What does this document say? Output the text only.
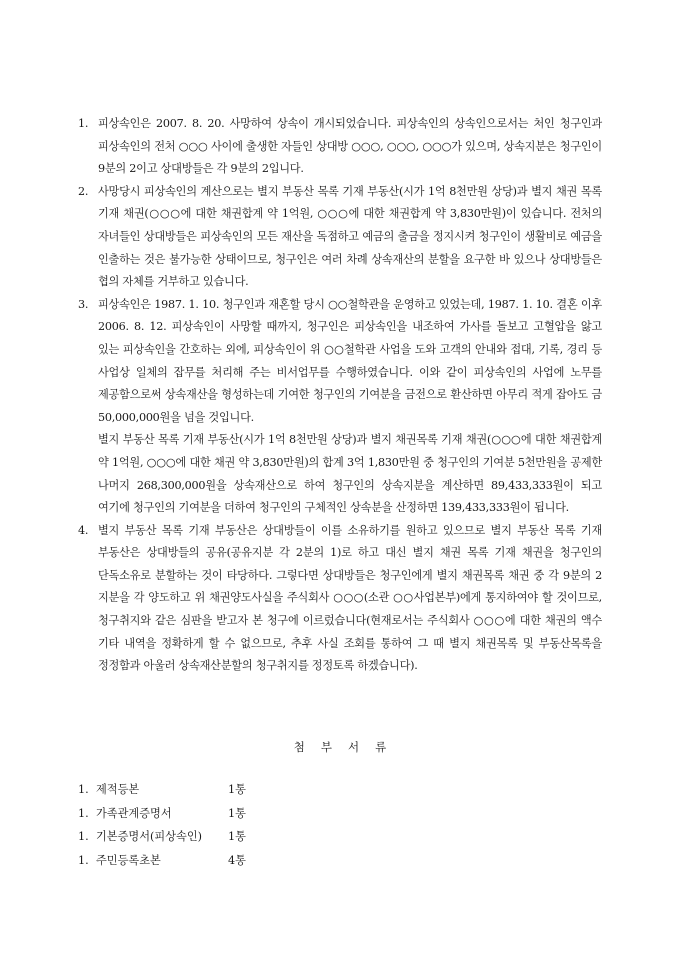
1. 피상속인은 2007. 8. 20. 사망하여 상속이 개시되었습니다. 피상속인의 상속인으로서는 처인 청구인과 피상속인의 전처 ○○○ 사이에 출생한 자들인 상대방 ○○○, ○○○, ○○○가 있으며, 상속지분은 청구인이 9분의 2이고 상대방들은 각 9분의 2입니다.
2. 사망당시 피상속인의 계산으로는 별지 부동산 목록 기재 부동산(시가 1억 8천만원 상당)과 별지 채권 목록 기재 채권(○○○에 대한 채권합계 약 1억원, ○○○에 대한 채권합계 약 3,830만원)이 있습니다. 전처의 자녀들인 상대방들은 피상속인의 모든 재산을 독점하고 예금의 출금을 정지시켜 청구인이 생활비로 예금을 인출하는 것은 불가능한 상태이므로, 청구인은 여러 차례 상속재산의 분할을 요구한 바 있으나 상대방들은 협의 자체를 거부하고 있습니다.
3. 피상속인은 1987. 1. 10. 청구인과 재혼할 당시 ○○철학관을 운영하고 있었는데, 1987. 1. 10. 결혼 이후 2006. 8. 12. 피상속인이 사망할 때까지, 청구인은 피상속인을 내조하여 가사를 돌보고 고혈압을 앓고 있는 피상속인을 간호하는 외에, 피상속인이 위 ○○철학관 사업을 도와 고객의 안내와 접대, 기록, 경리 등 사업상 일체의 잡무를 처리해 주는 비서업무를 수행하였습니다. 이와 같이 피상속인의 사업에 노무를 제공함으로써 상속재산을 형성하는데 기여한 청구인의 기여분을 금전으로 환산하면 아무리 적게 잡아도 금 50,000,000원을 넘을 것입니다.
별지 부동산 목록 기재 부동산(시가 1억 8천만원 상당)과 별지 채권목록 기재 채권(○○○에 대한 채권합계 약 1억원, ○○○에 대한 채권 약 3,830만원)의 합계 3억 1,830만원 중 청구인의 기여분 5천만원을 공제한 나머지 268,300,000원을 상속재산으로 하여 청구인의 상속지분을 계산하면 89,433,333원이 되고 여기에 청구인의 기여분을 더하여 청구인의 구체적인 상속분을 산정하면 139,433,333원이 됩니다.
4. 별지 부동산 목록 기재 부동산은 상대방들이 이를 소유하기를 원하고 있으므로 별지 부동산 목록 기재 부동산은 상대방들의 공유(공유지분 각 2분의 1)로 하고 대신 별지 채권 목록 기재 채권을 청구인의 단독소유로 분할하는 것이 타당하다. 그렇다면 상대방들은 청구인에게 별지 채권목록 채권 중 각 9분의 2 지분을 각 양도하고 위 채권양도사실을 주식회사 ○○○(소관 ○○사업본부)에게 통지하여야 할 것이므로, 청구취지와 같은 심판을 받고자 본 청구에 이르렀습니다(현재로서는 주식회사 ○○○에 대한 채권의 액수 기타 내역을 정확하게 할 수 없으므로, 추후 사실 조회를 통하여 그 때 별지 채권목록 및 부동산목록을 정정함과 아울러 상속재산분할의 청구취지를 정정토록 하겠습니다).
첨부서류
1. 제적등본	1통
1. 가족관계증명서	1통
1. 기본증명서(피상속인)	1통
1. 주민등록초본	4통
